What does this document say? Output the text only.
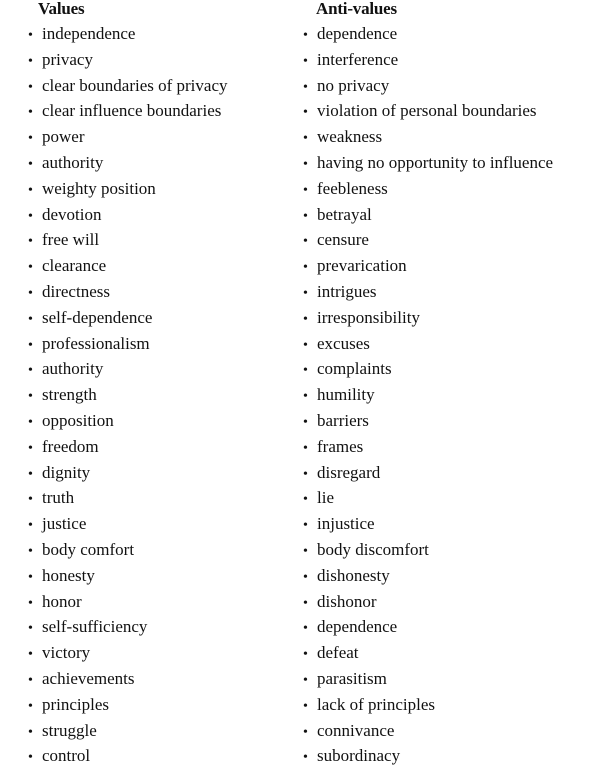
Values
• independence
• privacy
• clear boundaries of privacy
• clear influence boundaries
• power
• authority
• weighty position
• devotion
• free will
• clearance
• directness
• self-dependence
• professionalism
• authority
• strength
• opposition
• freedom
• dignity
• truth
• justice
• body comfort
• honesty
• honor
• self-sufficiency
• victory
• achievements
• principles
• struggle
• control
Anti-values
• dependence
• interference
• no privacy
• violation of personal boundaries
• weakness
• having no opportunity to influence
• feebleness
• betrayal
• censure
• prevarication
• intrigues
• irresponsibility
• excuses
• complaints
• humility
• barriers
• frames
• disregard
• lie
• injustice
• body discomfort
• dishonesty
• dishonor
• dependence
• defeat
• parasitism
• lack of principles
• connivance
• subordinacy
